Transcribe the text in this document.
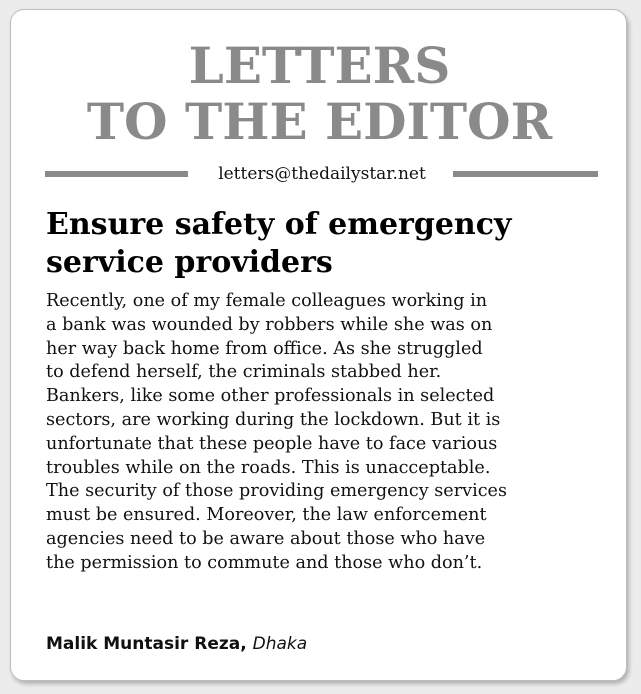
LETTERS
TO THE EDITOR
letters@thedailystar.net
Ensure safety of emergency
service providers

Recently, one of my female colleagues working in
a bank was wounded by robbers while she was on
her way back home from office. As she struggled
to defend herself, the criminals stabbed her.
Bankers, like some other professionals in selected
sectors, are working during the lockdown. But it is
unfortunate that these people have to face various
troubles while on the roads. This is unacceptable.
The security of those providing emergency services
must be ensured. Moreover, the law enforcement
agencies need to be aware about those who have
the permission to commute and those who don’t.

Malik Muntasir Reza, Dhaka
